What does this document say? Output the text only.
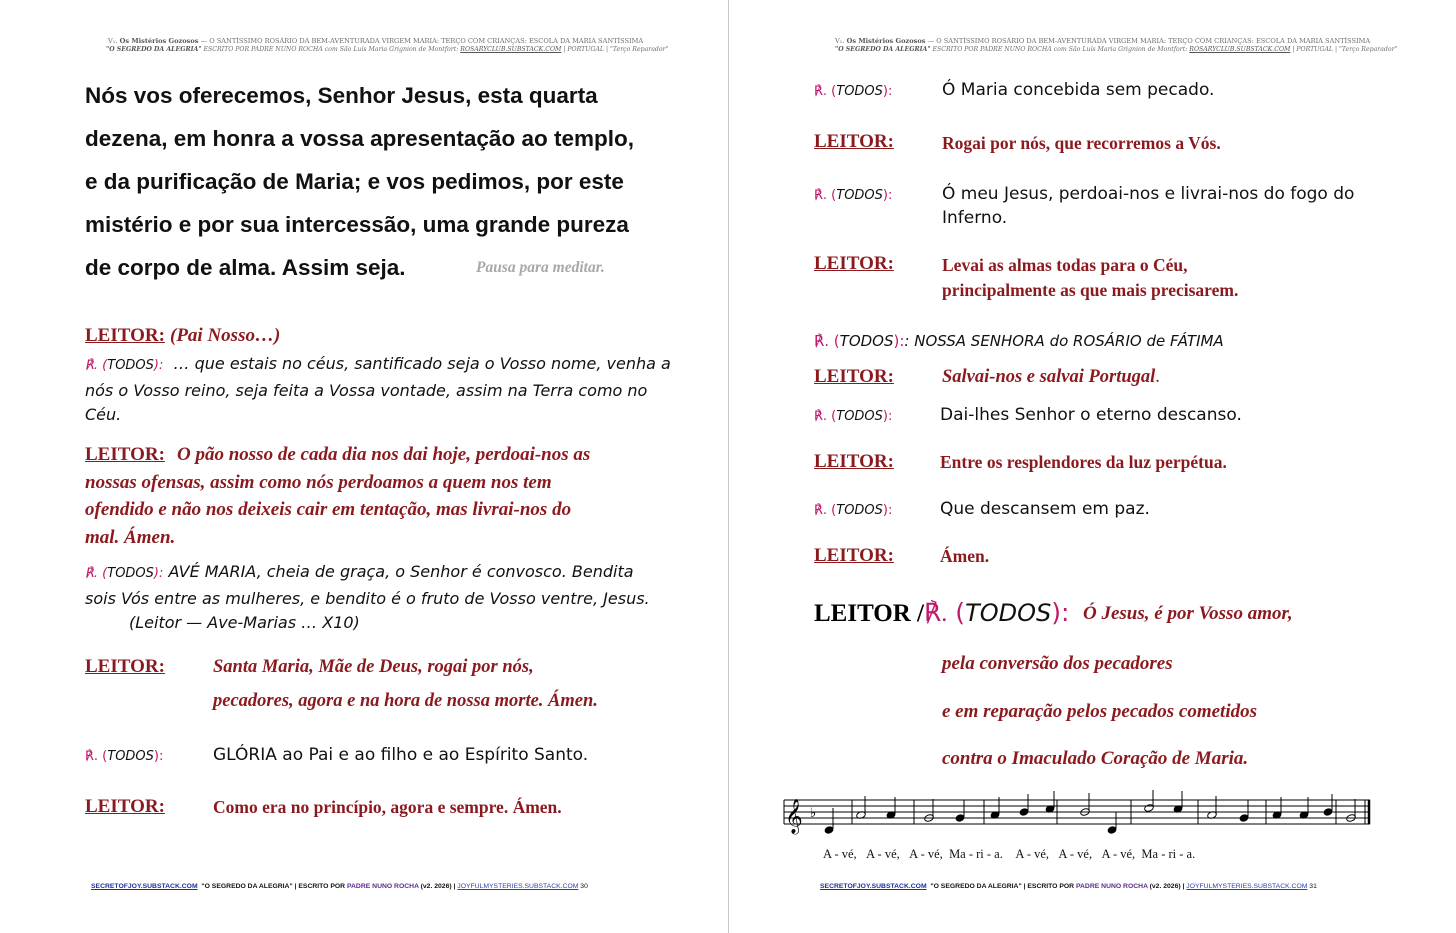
V₁. Os Mistérios Gozosos — O SANTÍSSIMO ROSÁRIO DA BEM-AVENTURADA VIRGEM MARIA: TERÇO COM CRIANÇAS: ESCOLA DA MARIA SANTÍSSIMA
"O SEGREDO DA ALEGRIA" ESCRITO POR PADRE NUNO ROCHA com São Luís Maria Grignion de Montfort: ROSARYCLUB.SUBSTACK.COM | PORTUGAL | "Terço Reparador"
Nós vos oferecemos, Senhor Jesus, esta quarta
dezena, em honra a vossa apresentação ao templo,
e da purificação de Maria; e vos pedimos, por este
mistério e por sua intercessão, uma grande pureza
de corpo de alma. Assim seja.	Pausa para meditar.
LEITOR: (Pai Nosso…)
℟. (TODOS): … que estais no céus, santificado seja o Vosso nome, venha a
nós o Vosso reino, seja feita a Vossa vontade, assim na Terra como no
Céu.
LEITOR: O pão nosso de cada dia nos dai hoje, perdoai-nos as
nossas ofensas, assim como nós perdoamos a quem nos tem
ofendido e não nos deixeis cair em tentação, mas livrai-nos do
mal. Ámen.
℟. (TODOS): AVÉ MARIA, cheia de graça, o Senhor é convosco. Bendita
sois Vós entre as mulheres, e bendito é o fruto de Vosso ventre, Jesus.
(Leitor — Ave-Marias … X10)
LEITOR:	Santa Maria, Mãe de Deus, rogai por nós,
pecadores, agora e na hora de nossa morte. Ámen.
℟. (TODOS):	GLÓRIA ao Pai e ao filho e ao Espírito Santo.
LEITOR:	Como era no princípio, agora e sempre. Ámen.
SECRETOFJOY.SUBSTACK.COM "O SEGREDO DA ALEGRIA" | ESCRITO POR PADRE NUNO ROCHA (v2. 2026) | JOYFULMYSTERIES.SUBSTACK.COM 30
V₁. Os Mistérios Gozosos — O SANTÍSSIMO ROSÁRIO DA BEM-AVENTURADA VIRGEM MARIA: TERÇO COM CRIANÇAS: ESCOLA DA MARIA SANTÍSSIMA
"O SEGREDO DA ALEGRIA" ESCRITO POR PADRE NUNO ROCHA com São Luís Maria Grignion de Montfort: ROSARYCLUB.SUBSTACK.COM | PORTUGAL | "Terço Reparador"
℟. (TODOS):	Ó Maria concebida sem pecado.
LEITOR:	Rogai por nós, que recorremos a Vós.
℟. (TODOS):	Ó meu Jesus, perdoai-nos e livrai-nos do fogo do
Inferno.
LEITOR:	Levai as almas todas para o Céu,
principalmente as que mais precisarem.
℟. (TODOS):: NOSSA SENHORA do ROSÁRIO de FÁTIMA
LEITOR:	Salvai-nos e salvai Portugal.
℟. (TODOS):	Dai-lhes Senhor o eterno descanso.
LEITOR:	Entre os resplendores da luz perpétua.
℟. (TODOS):	Que descansem em paz.
LEITOR:	Ámen.
LEITOR /℟. (TODOS): Ó Jesus, é por Vosso amor,
pela conversão dos pecadores
e em reparação pelos pecados cometidos
contra o Imaculado Coração de Maria.
𝄞 ♭
A - vé, A - vé, A - vé, Ma - ri - a. A - vé, A - vé, A - vé, Ma - ri - a.
SECRETOFJOY.SUBSTACK.COM "O SEGREDO DA ALEGRIA" | ESCRITO POR PADRE NUNO ROCHA (v2. 2026) | JOYFULMYSTERIES.SUBSTACK.COM 31
